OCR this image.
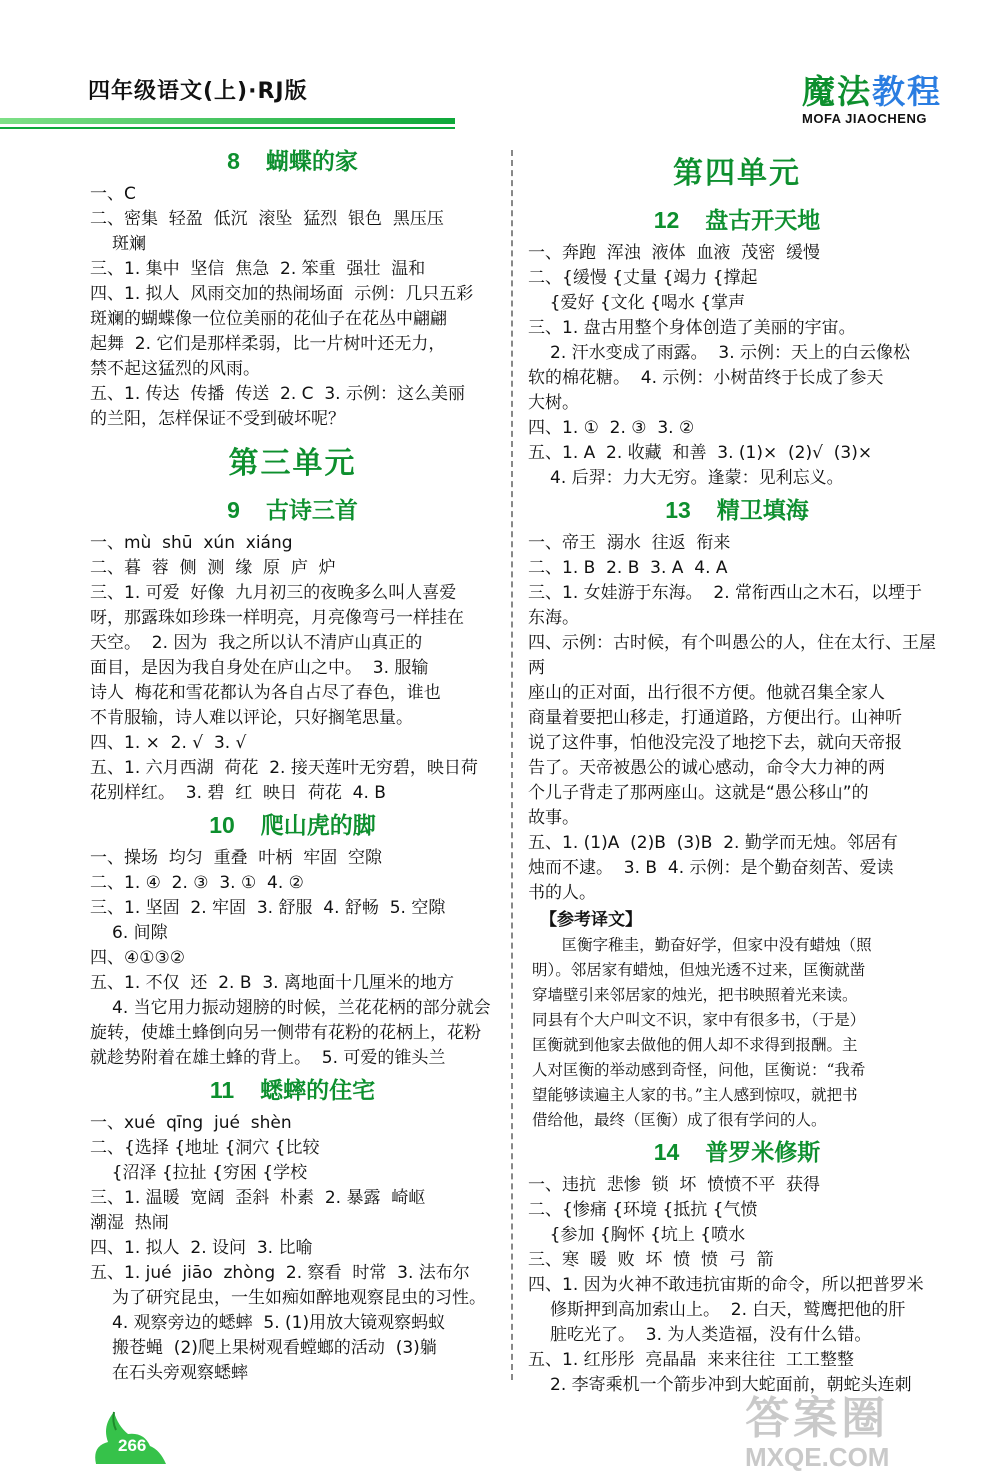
四年级语文(上)·RJ版	魔法教程
MOFA JIAOCHENG
8 蝴蝶的家
一、C
二、密集  轻盈  低沉  滚坠  猛烈  银色  黑压压
斑斓
三、1. 集中  坚信  焦急  2. 笨重  强壮  温和
四、1. 拟人  风雨交加的热闹场面  示例：几只五彩
斑斓的蝴蝶像一位位美丽的花仙子在花丛中翩翩
起舞  2. 它们是那样柔弱，比一片树叶还无力，
禁不起这猛烈的风雨。
五、1. 传达  传播  传送  2. C  3. 示例：这么美丽
的兰阳，怎样保证不受到破坏呢？
第三单元
9 古诗三首
一、mù  shū  xún  xiáng
二、暮  蓉  侧  测  缘  原  庐  炉
三、1. 可爱  好像  九月初三的夜晚多么叫人喜爱
呀，那露珠如珍珠一样明亮，月亮像弯弓一样挂在
天空。  2. 因为  我之所以认不清庐山真正的
面目，是因为我自身处在庐山之中。  3. 服输
诗人  梅花和雪花都认为各自占尽了春色，谁也
不肯服输，诗人难以评论，只好搁笔思量。
四、1. ×  2. √  3. √
五、1. 六月西湖  荷花  2. 接天莲叶无穷碧，映日荷
花别样红。  3. 碧  红  映日  荷花  4. B
10 爬山虎的脚
一、操场  均匀  重叠  叶柄  牢固  空隙
二、1. ④  2. ③  3. ①  4. ②
三、1. 坚固  2. 牢固  3. 舒服  4. 舒畅  5. 空隙
6. 间隙
四、④①③②
五、1. 不仅  还  2. B  3. 离地面十几厘米的地方
4. 当它用力振动翅膀的时候，兰花花柄的部分就会
旋转，使雄土蜂倒向另一侧带有花粉的花柄上，花粉
就趁势附着在雄土蜂的背上。  5. 可爱的锥头兰
11 蟋蟀的住宅
一、xué  qīng  jué  shèn
二、{选择 {地址 {洞穴 {比较
{沼泽 {拉扯 {穷困 {学校
三、1. 温暖  宽阔  歪斜  朴素  2. 暴露  崎岖
潮湿  热闹
四、1. 拟人  2. 设问  3. 比喻
五、1. jué  jiāo  zhòng  2. 察看  时常  3. 法布尔
为了研究昆虫，一生如痴如醉地观察昆虫的习性。
4. 观察旁边的蟋蟀  5. (1)用放大镜观察蚂蚁
搬苍蝇  (2)爬上果树观看螳螂的活动  (3)躺
在石头旁观察蟋蟀
第四单元
12 盘古开天地
一、奔跑  浑浊  液体  血液  茂密  缓慢
二、{缓慢 {丈量 {竭力 {撑起
{爱好 {文化 {喝水 {掌声
三、1. 盘古用整个身体创造了美丽的宇宙。
2. 汗水变成了雨露。  3. 示例：天上的白云像松
软的棉花糖。  4. 示例：小树苗终于长成了参天
大树。
四、1. ①  2. ③  3. ②
五、1. A  2. 收藏  和善  3. (1)×  (2)√  (3)×
4. 后羿：力大无穷。逢蒙：见利忘义。
13 精卫填海
一、帝王  溺水  往返  衔来
二、1. B  2. B  3. A  4. A
三、1. 女娃游于东海。  2. 常衔西山之木石，以堙于
东海。
四、示例：古时候，有个叫愚公的人，住在太行、王屋两
座山的正对面，出行很不方便。他就召集全家人
商量着要把山移走，打通道路，方便出行。山神听
说了这件事，怕他没完没了地挖下去，就向天帝报
告了。天帝被愚公的诚心感动，命令大力神的两
个儿子背走了那两座山。这就是“愚公移山”的
故事。
五、1. (1)A  (2)B  (3)B  2. 勤学而无烛。邻居有
烛而不逮。  3. B  4. 示例：是个勤奋刻苦、爱读
书的人。
【参考译文】
匡衡字稚圭，勤奋好学，但家中没有蜡烛（照
明）。邻居家有蜡烛，但烛光透不过来，匡衡就凿
穿墙壁引来邻居家的烛光，把书映照着光来读。
同县有个大户叫文不识，家中有很多书，（于是）
匡衡就到他家去做他的佣人却不求得到报酬。主
人对匡衡的举动感到奇怪，问他，匡衡说：“我希
望能够读遍主人家的书。”主人感到惊叹，就把书
借给他，最终（匡衡）成了很有学问的人。
14 普罗米修斯
一、违抗  悲惨  锁  坏  愤愤不平  获得
二、{惨痛 {环境 {抵抗 {气愤
{参加 {胸怀 {坑上 {喷水
三、寒  暖  败  坏  愤  愤  弓  箭
四、1. 因为火神不敢违抗宙斯的命令，所以把普罗米
修斯押到高加索山上。  2. 白天，鹫鹰把他的肝
脏吃光了。  3. 为人类造福，没有什么错。
五、1. 红彤彤  亮晶晶  来来往往  工工整整
2. 李寄乘机一个箭步冲到大蛇面前，朝蛇头连刺
266
答案圈
MXQE.COM
